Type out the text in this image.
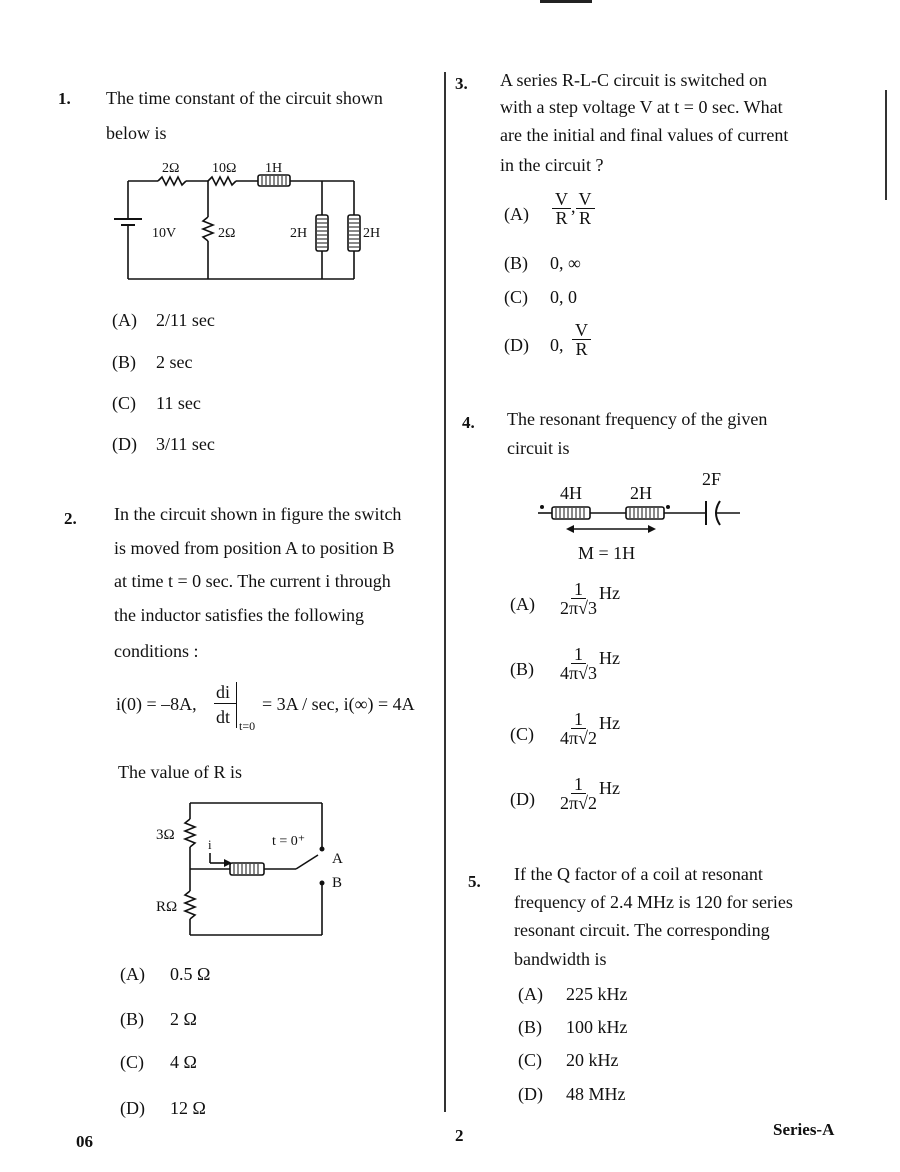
1. The time constant of the circuit shown
below is
2Ω 10Ω 1H
10V	2Ω	2H	2H
(A) 2/11 sec
(B) 2 sec
(C) 11 sec
(D) 3/11 sec
2. In the circuit shown in figure the switch
is moved from position A to position B
at time t = 0 sec. The current i through
the inductor satisfies the following
conditions :
i(0) = –8A,
di
dt t=0
= 3A / sec, i(∞) = 4A
The value of R is
3Ω
RΩ
t = 0⁺
A
B
i
(A) 0.5 Ω
(B) 2 Ω
(C) 4 Ω
(D) 12 Ω
3. A series R-L-C circuit is switched on
with a step voltage V at t = 0 sec. What
are the initial and final values of current
in the circuit ?
$(A) \frac{V}{R}$ , $\frac{V}{R}$
(B) 0, ∞
(C) 0, 0
(D) 0, $\frac{V}{R}$
4. The resonant frequency of the given
circuit is
4H	2H
2F
M = 1H
$(A) \frac{1}{2\pi√3}$ Hz
$(B) \frac{1}{4\pi√3}$ Hz
$(C) \frac{1}{4\pi√2}$ Hz
$(D) \frac{1}{2\pi√2}$ Hz
5. If the Q factor of a coil at resonant
frequency of 2.4 MHz is 120 for series
resonant circuit. The corresponding
bandwidth is
(A) 225 kHz
(B) 100 kHz
(C) 20 kHz
(D) 48 MHz
06	2	Series-A
